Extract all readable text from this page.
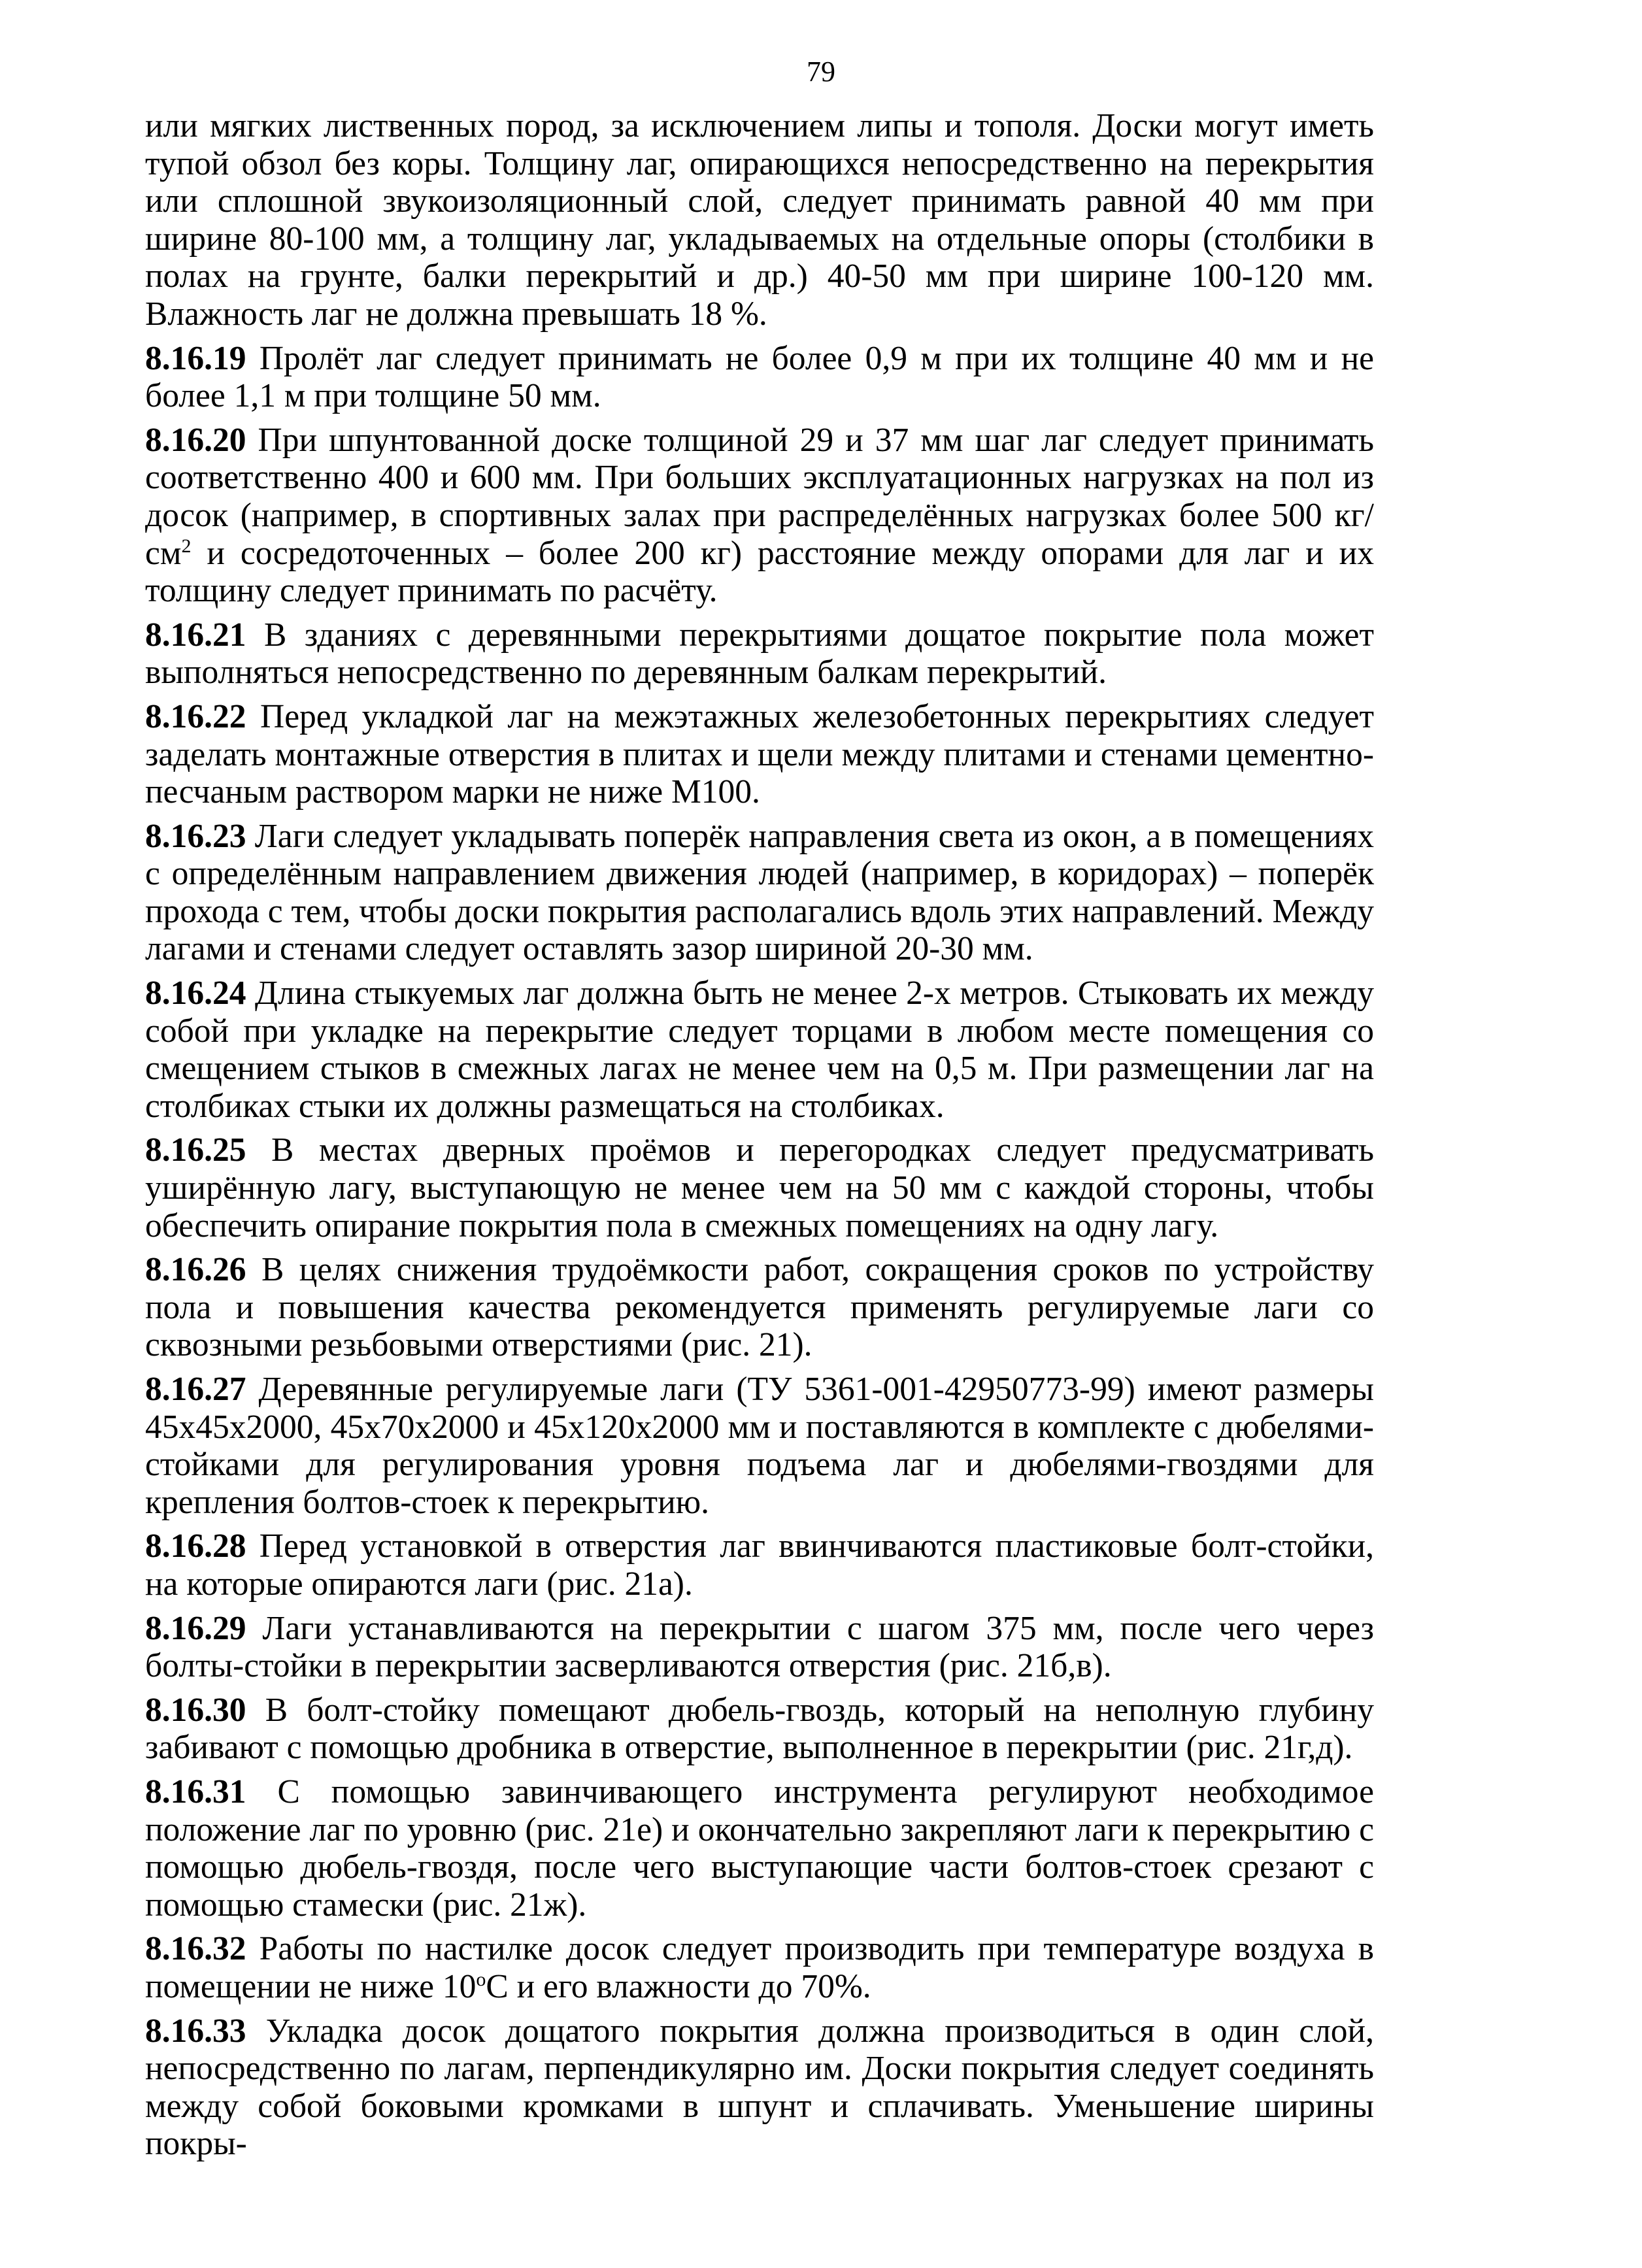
79

или мягких лиственных пород, за исключением липы и тополя. Доски могут иметь тупой обзол без коры. Толщину лаг, опирающихся непосредственно на перекрытия или сплошной звукоизоляционный слой, следует принимать равной 40 мм при ширине 80-100 мм, а толщину лаг, укладываемых на отдельные опоры (столбики в полах на грунте, балки перекрытий и др.) 40-50 мм при ширине 100-120 мм. Влажность лаг не должна превышать 18 %.

8.16.19 Пролёт лаг следует принимать не более 0,9 м при их толщине 40 мм и не более 1,1 м при толщине 50 мм.

8.16.20 При шпунтованной доске толщиной 29 и 37 мм шаг лаг следует принимать соответственно 400 и 600 мм. При больших эксплуатационных нагрузках на пол из досок (например, в спортивных залах при распределённых нагрузках более 500 $кг/см^2$ и сосредоточенных – более 200 кг) расстояние между опорами для лаг и их толщину следует принимать по расчёту.

8.16.21 В зданиях с деревянными перекрытиями дощатое покрытие пола может выполняться непосредственно по деревянным балкам перекрытий.

8.16.22 Перед укладкой лаг на межэтажных железобетонных перекрытиях следует заделать монтажные отверстия в плитах и щели между плитами и стенами цементно-песчаным раствором марки не ниже М100.

8.16.23 Лаги следует укладывать поперёк направления света из окон, а в помещениях с определённым направлением движения людей (например, в коридорах) – поперёк прохода с тем, чтобы доски покрытия располагались вдоль этих направлений. Между лагами и стенами следует оставлять зазор шириной 20-30 мм.

8.16.24 Длина стыкуемых лаг должна быть не менее 2-х метров. Стыковать их между собой при укладке на перекрытие следует торцами в любом месте помещения со смещением стыков в смежных лагах не менее чем на 0,5 м. При размещении лаг на столбиках стыки их должны размещаться на столбиках.

8.16.25 В местах дверных проёмов и перегородках следует предусматривать уширённую лагу, выступающую не менее чем на 50 мм с каждой стороны, чтобы обеспечить опирание покрытия пола в смежных помещениях на одну лагу.

8.16.26 В целях снижения трудоёмкости работ, сокращения сроков по устройству пола и повышения качества рекомендуется применять регулируемые лаги со сквозными резьбовыми отверстиями (рис. 21).

8.16.27 Деревянные регулируемые лаги (ТУ 5361-001-42950773-99) имеют размеры 45х45х2000, 45х70х2000 и 45х120х2000 мм и поставляются в комплекте с дюбелями-стойками для регулирования уровня подъема лаг и дюбелями-гвоздями для крепления болтов-стоек к перекрытию.

8.16.28 Перед установкой в отверстия лаг ввинчиваются пластиковые болт-стойки, на которые опираются лаги (рис. 21а).

8.16.29 Лаги устанавливаются на перекрытии с шагом 375 мм, после чего через болты-стойки в перекрытии засверливаются отверстия (рис. 21б,в).

8.16.30 В болт-стойку помещают дюбель-гвоздь, который на неполную глубину забивают с помощью дробника в отверстие, выполненное в перекрытии (рис. 21г,д).

8.16.31 С помощью завинчивающего инструмента регулируют необходимое положение лаг по уровню (рис. 21е) и окончательно закрепляют лаги к перекрытию с помощью дюбель-гвоздя, после чего выступающие части болтов-стоек срезают с помощью стамески (рис. 21ж).

8.16.32 Работы по настилке досок следует производить при температуре воздуха в помещении не ниже $10^оС$ и его влажности до 70%.

8.16.33 Укладка досок дощатого покрытия должна производиться в один слой, непосредственно по лагам, перпендикулярно им. Доски покрытия следует соединять между собой боковыми кромками в шпунт и сплачивать. Уменьшение ширины покры-
